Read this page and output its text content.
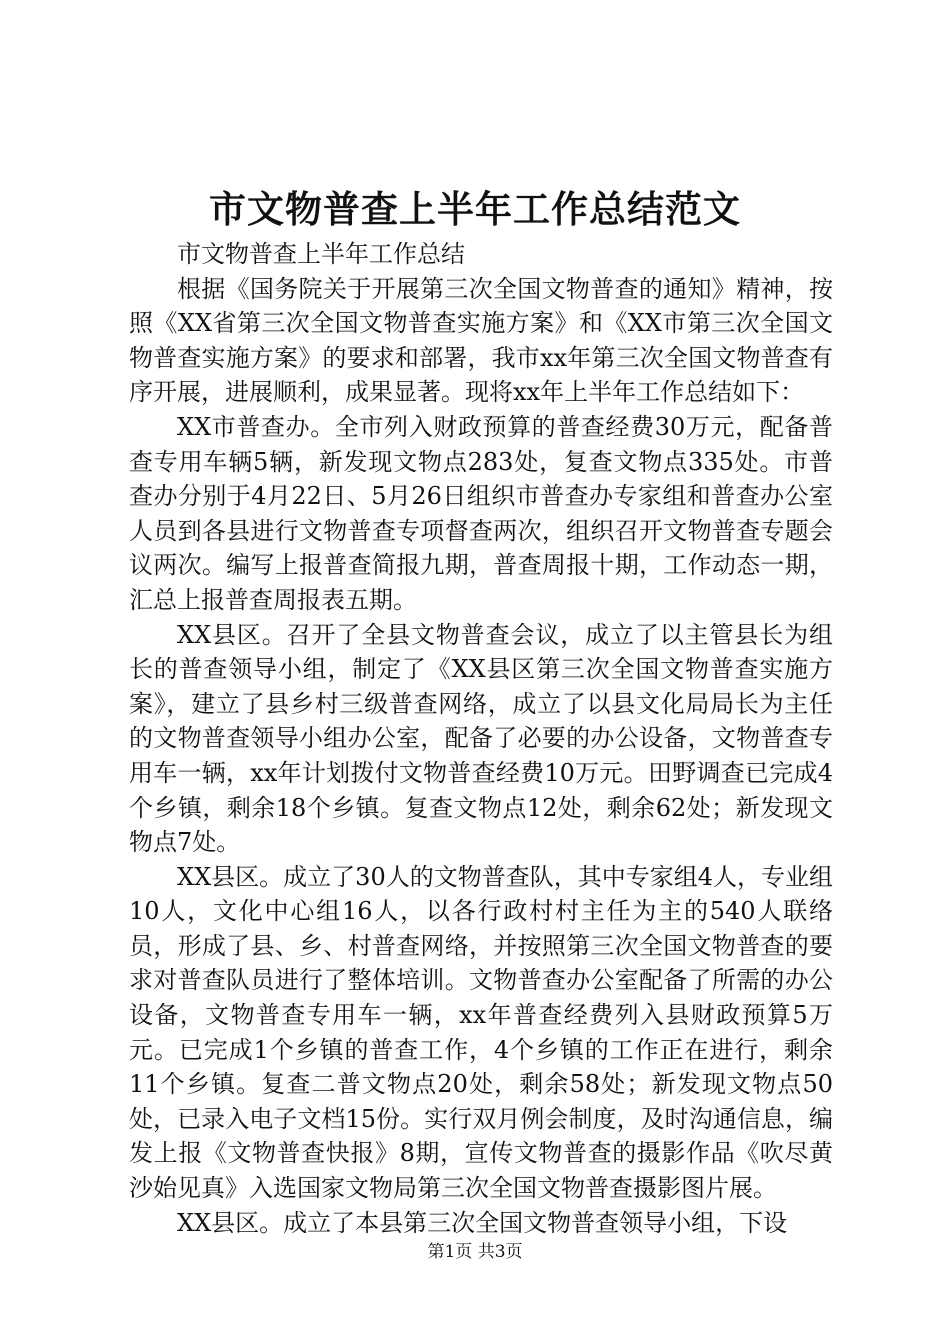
市文物普查上半年工作总结范文

市文物普查上半年工作总结

根据《国务院关于开展第三次全国文物普查的通知》精神，按照《XX省第三次全国文物普查实施方案》和《XX市第三次全国文物普查实施方案》的要求和部署，我市xx年第三次全国文物普查有序开展，进展顺利，成果显著。现将xx年上半年工作总结如下：

XX市普查办。全市列入财政预算的普查经费30万元，配备普查专用车辆5辆，新发现文物点283处，复查文物点335处。市普查办分别于4月22日、5月26日组织市普查办专家组和普查办公室人员到各县进行文物普查专项督查两次，组织召开文物普查专题会议两次。编写上报普查简报九期，普查周报十期，工作动态一期，汇总上报普查周报表五期。

XX县区。召开了全县文物普查会议，成立了以主管县长为组长的普查领导小组，制定了《XX县区第三次全国文物普查实施方案》，建立了县乡村三级普查网络，成立了以县文化局局长为主任的文物普查领导小组办公室，配备了必要的办公设备，文物普查专用车一辆，xx年计划拨付文物普查经费10万元。田野调查已完成4个乡镇，剩余18个乡镇。复查文物点12处，剩余62处；新发现文物点7处。

XX县区。成立了30人的文物普查队，其中专家组4人，专业组10人，文化中心组16人，以各行政村村主任为主的540人联络员，形成了县、乡、村普查网络，并按照第三次全国文物普查的要求对普查队员进行了整体培训。文物普查办公室配备了所需的办公设备，文物普查专用车一辆，xx年普查经费列入县财政预算5万元。已完成1个乡镇的普查工作，4个乡镇的工作正在进行，剩余11个乡镇。复查二普文物点20处，剩余58处；新发现文物点50处，已录入电子文档15份。实行双月例会制度，及时沟通信息，编发上报《文物普查快报》8期，宣传文物普查的摄影作品《吹尽黄沙始见真》入选国家文物局第三次全国文物普查摄影图片展。

XX县区。成立了本县第三次全国文物普查领导小组，下设

第1页 共3页
